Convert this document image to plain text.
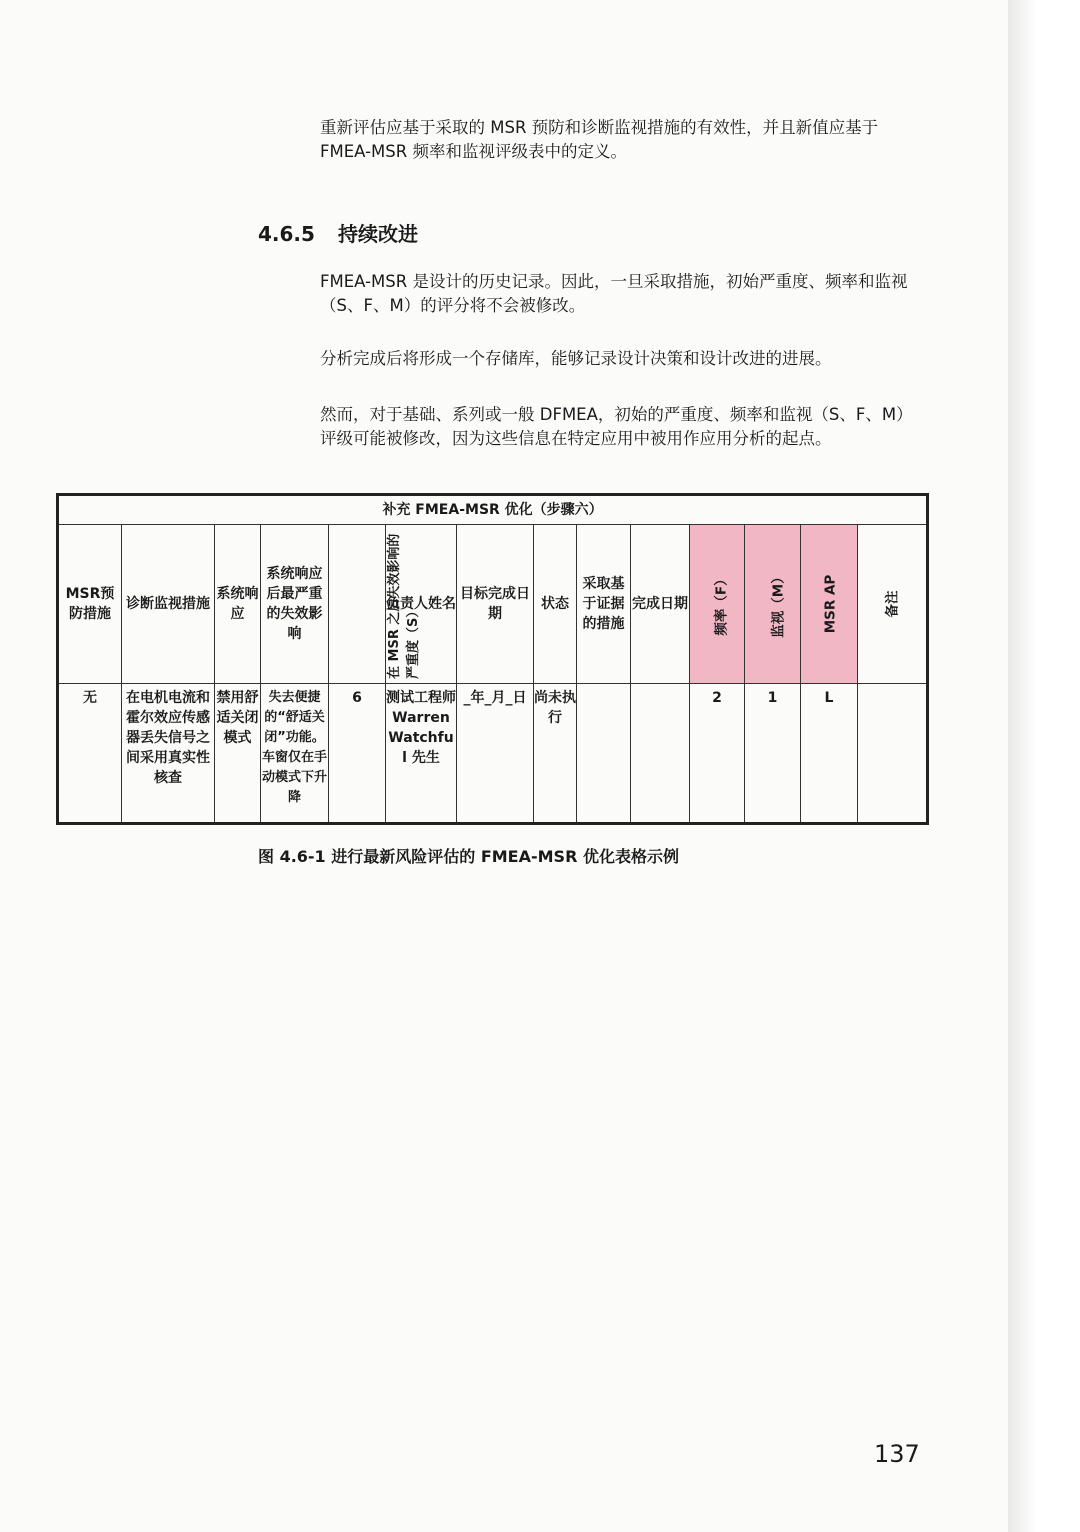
重新评估应基于采取的 MSR 预防和诊断监视措施的有效性，并且新值应基于 FMEA-MSR 频率和监视评级表中的定义。

4.6.5 持续改进

FMEA-MSR 是设计的历史记录。因此，一旦采取措施，初始严重度、频率和监视（S、F、M）的评分将不会被修改。

分析完成后将形成一个存储库，能够记录设计决策和设计改进的进展。

然而，对于基础、系列或一般 DFMEA，初始的严重度、频率和监视（S、F、M）评级可能被修改，因为这些信息在特定应用中被用作应用分析的起点。

补充 FMEA-MSR 优化（步骤六）													
MSR预防措施	诊断监视措施	系统响应	系统响应后最严重的失效影响	在 MSR 之后失效影响的严重度（S）	负责人姓名	目标完成日期	状态	采取基于证据的措施	完成日期	频率（F）	监视（M）	MSR AP	备注
无	在电机电流和霍尔效应传感器丢失信号之间采用真实性核查	禁用舒适关闭模式	失去便捷的“舒适关闭”功能。车窗仅在手动模式下升降	6	测试工程师 Warren Watchful 先生	_年_月_日	尚未执行			2	1	L	

图 4.6-1 进行最新风险评估的 FMEA-MSR 优化表格示例

137
